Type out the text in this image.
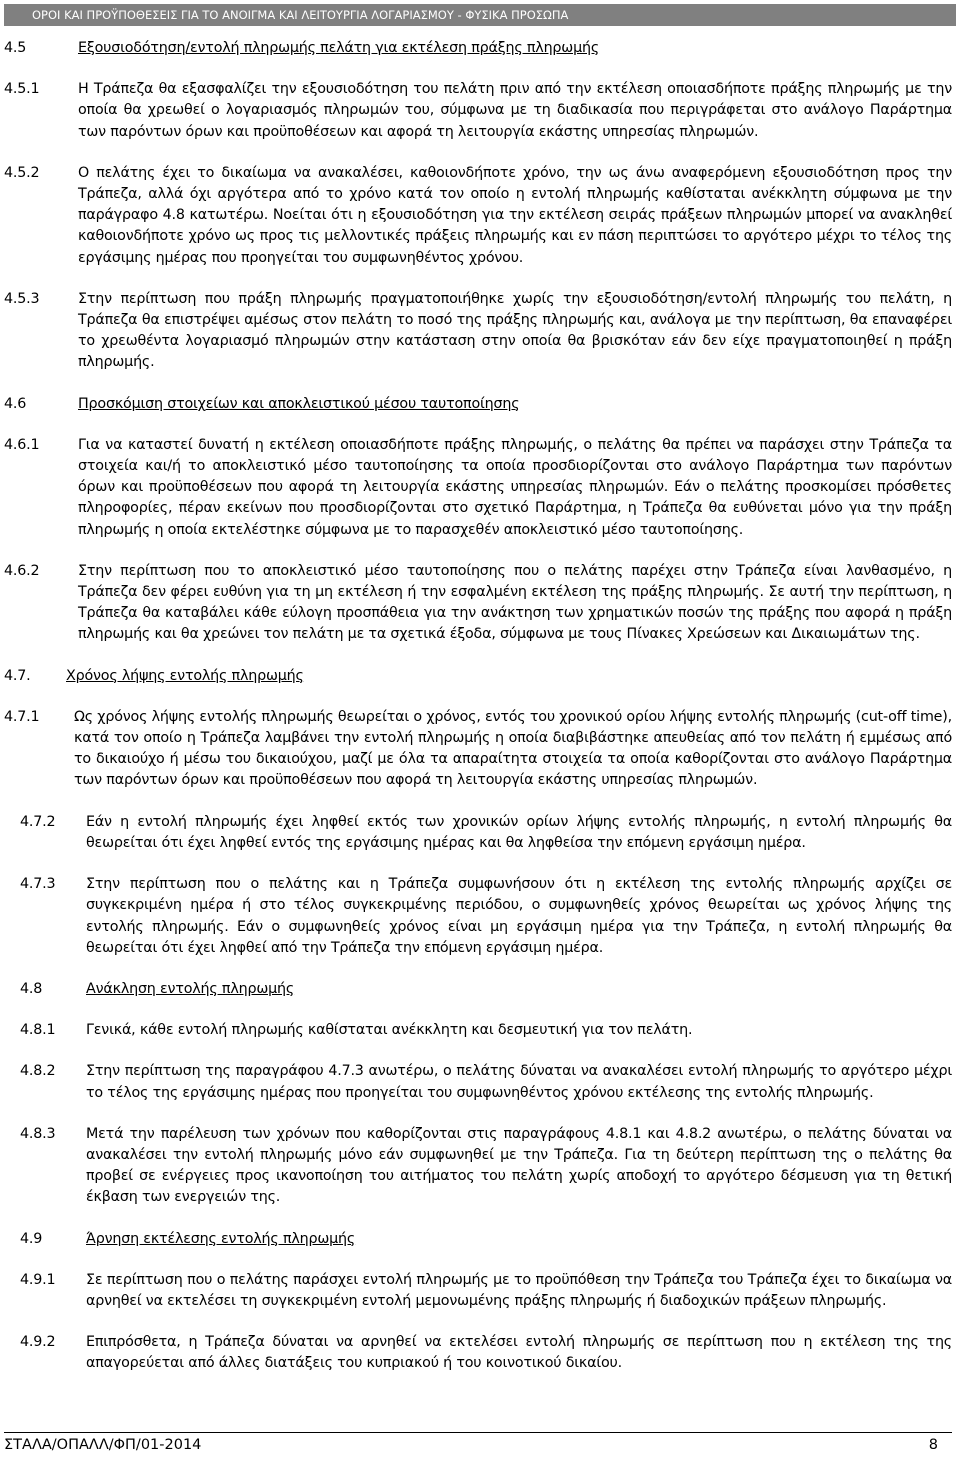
ΟΡΟΙ ΚΑΙ ΠΡΟΫΠΟΘΕΣΕΙΣ ΓΙΑ ΤΟ ΑΝΟΙΓΜΑ ΚΑΙ ΛΕΙΤΟΥΡΓΙΑ ΛΟΓΑΡΙΑΣΜΟΥ - ΦΥΣΙΚΑ ΠΡΟΣΩΠΑ
4.5	Εξουσιοδότηση/εντολή πληρωμής πελάτη για εκτέλεση πράξης πληρωμής
4.5.1	Η Τράπεζα θα εξασφαλίζει την εξουσιοδότηση του πελάτη πριν από την εκτέλεση οποιασδήποτε πράξης πληρωμής με την οποία θα χρεωθεί ο λογαριασμός πληρωμών του, σύμφωνα με τη διαδικασία που περιγράφεται στο ανάλογο Παράρτημα των παρόντων όρων και προϋποθέσεων και αφορά τη λειτουργία εκάστης υπηρεσίας πληρωμών.
4.5.2	Ο πελάτης έχει το δικαίωμα να ανακαλέσει, καθοιονδήποτε χρόνο, την ως άνω αναφερόμενη εξουσιοδότηση προς την Τράπεζα, αλλά όχι αργότερα από το χρόνο κατά τον οποίο η εντολή πληρωμής καθίσταται ανέκκλητη σύμφωνα με την παράγραφο 4.8 κατωτέρω. Νοείται ότι η εξουσιοδότηση για την εκτέλεση σειράς πράξεων πληρωμών μπορεί να ανακληθεί καθοιονδήποτε χρόνο ως προς τις μελλοντικές πράξεις πληρωμής και εν πάση περιπτώσει το αργότερο μέχρι το τέλος της εργάσιμης ημέρας που προηγείται του συμφωνηθέντος χρόνου.
4.5.3	Στην περίπτωση που πράξη πληρωμής πραγματοποιήθηκε χωρίς την εξουσιοδότηση/εντολή πληρωμής του πελάτη, η Τράπεζα θα επιστρέψει αμέσως στον πελάτη το ποσό της πράξης πληρωμής και, ανάλογα με την περίπτωση, θα επαναφέρει το χρεωθέντα λογαριασμό πληρωμών στην κατάσταση στην οποία θα βρισκόταν εάν δεν είχε πραγματοποιηθεί η πράξη πληρωμής.
4.6	Προσκόμιση στοιχείων και αποκλειστικού μέσου ταυτοποίησης
4.6.1	Για να καταστεί δυνατή η εκτέλεση οποιασδήποτε πράξης πληρωμής, ο πελάτης θα πρέπει να παράσχει στην Τράπεζα τα στοιχεία και/ή το αποκλειστικό μέσο ταυτοποίησης τα οποία προσδιορίζονται στο ανάλογο Παράρτημα των παρόντων όρων και προϋποθέσεων που αφορά τη λειτουργία εκάστης υπηρεσίας πληρωμών. Εάν ο πελάτης προσκομίσει πρόσθετες πληροφορίες, πέραν εκείνων που προσδιορίζονται στο σχετικό Παράρτημα, η Τράπεζα θα ευθύνεται μόνο για την πράξη πληρωμής η οποία εκτελέστηκε σύμφωνα με το παρασχεθέν αποκλειστικό μέσο ταυτοποίησης.
4.6.2	Στην περίπτωση που το αποκλειστικό μέσο ταυτοποίησης που ο πελάτης παρέχει στην Τράπεζα είναι λανθασμένο, η Τράπεζα δεν φέρει ευθύνη για τη μη εκτέλεση ή την εσφαλμένη εκτέλεση της πράξης πληρωμής. Σε αυτή την περίπτωση, η Τράπεζα θα καταβάλει κάθε εύλογη προσπάθεια για την ανάκτηση των χρηματικών ποσών της πράξης που αφορά η πράξη πληρωμής και θα χρεώνει τον πελάτη με τα σχετικά έξοδα, σύμφωνα με τους Πίνακες Χρεώσεων και Δικαιωμάτων της.
4.7.	Χρόνος λήψης εντολής πληρωμής
4.7.1	Ως χρόνος λήψης εντολής πληρωμής θεωρείται ο χρόνος, εντός του χρονικού ορίου λήψης εντολής πληρωμής (cut-off time), κατά τον οποίο η Τράπεζα λαμβάνει την εντολή πληρωμής η οποία διαβιβάστηκε απευθείας από τον πελάτη ή εμμέσως από το δικαιούχο ή μέσω του δικαιούχου, μαζί με όλα τα απαραίτητα στοιχεία τα οποία καθορίζονται στο ανάλογο Παράρτημα των παρόντων όρων και προϋποθέσεων που αφορά τη λειτουργία εκάστης υπηρεσίας πληρωμών.
4.7.2	Εάν η εντολή πληρωμής έχει ληφθεί εκτός των χρονικών ορίων λήψης εντολής πληρωμής, η εντολή πληρωμής θα θεωρείται ότι έχει ληφθεί εντός της εργάσιμης ημέρας και θα ληφθείσα την επόμενη εργάσιμη ημέρα.
4.7.3	Στην περίπτωση που ο πελάτης και η Τράπεζα συμφωνήσουν ότι η εκτέλεση της εντολής πληρωμής αρχίζει σε συγκεκριμένη ημέρα ή στο τέλος συγκεκριμένης περιόδου, ο συμφωνηθείς χρόνος θεωρείται ως χρόνος λήψης της εντολής πληρωμής. Εάν ο συμφωνηθείς χρόνος είναι μη εργάσιμη ημέρα για την Τράπεζα, η εντολή πληρωμής θα θεωρείται ότι έχει ληφθεί από την Τράπεζα την επόμενη εργάσιμη ημέρα.
4.8	Ανάκληση εντολής πληρωμής
4.8.1	Γενικά, κάθε εντολή πληρωμής καθίσταται ανέκκλητη και δεσμευτική για τον πελάτη.
4.8.2	Στην περίπτωση της παραγράφου 4.7.3 ανωτέρω, ο πελάτης δύναται να ανακαλέσει εντολή πληρωμής το αργότερο μέχρι το τέλος της εργάσιμης ημέρας που προηγείται του συμφωνηθέντος χρόνου εκτέλεσης της εντολής πληρωμής.
4.8.3	Μετά την παρέλευση των χρόνων που καθορίζονται στις παραγράφους 4.8.1 και 4.8.2 ανωτέρω, ο πελάτης δύναται να ανακαλέσει την εντολή πληρωμής μόνο εάν συμφωνηθεί με την Τράπεζα. Για τη δεύτερη περίπτωση της ο πελάτης θα προβεί σε ενέργειες προς ικανοποίηση του αιτήματος του πελάτη χωρίς αποδοχή το αργότερο δέσμευση για τη θετική έκβαση των ενεργειών της.
4.9	Άρνηση εκτέλεσης εντολής πληρωμής
4.9.1	Σε περίπτωση που ο πελάτης παράσχει εντολή πληρωμής με το προϋπόθεση την Τράπεζα του Τράπεζα έχει το δικαίωμα να αρνηθεί να εκτελέσει τη συγκεκριμένη εντολή μεμονωμένης πράξης πληρωμής ή διαδοχικών πράξεων πληρωμής.
4.9.2	Επιπρόσθετα, η Τράπεζα δύναται να αρνηθεί να εκτελέσει εντολή πληρωμής σε περίπτωση που η εκτέλεση της της απαγορεύεται από άλλες διατάξεις του κυπριακού ή του κοινοτικού δικαίου.
ΣΤΑΛΑ/ΟΠΑΛΛ/ΦΠ/01-2014	8
